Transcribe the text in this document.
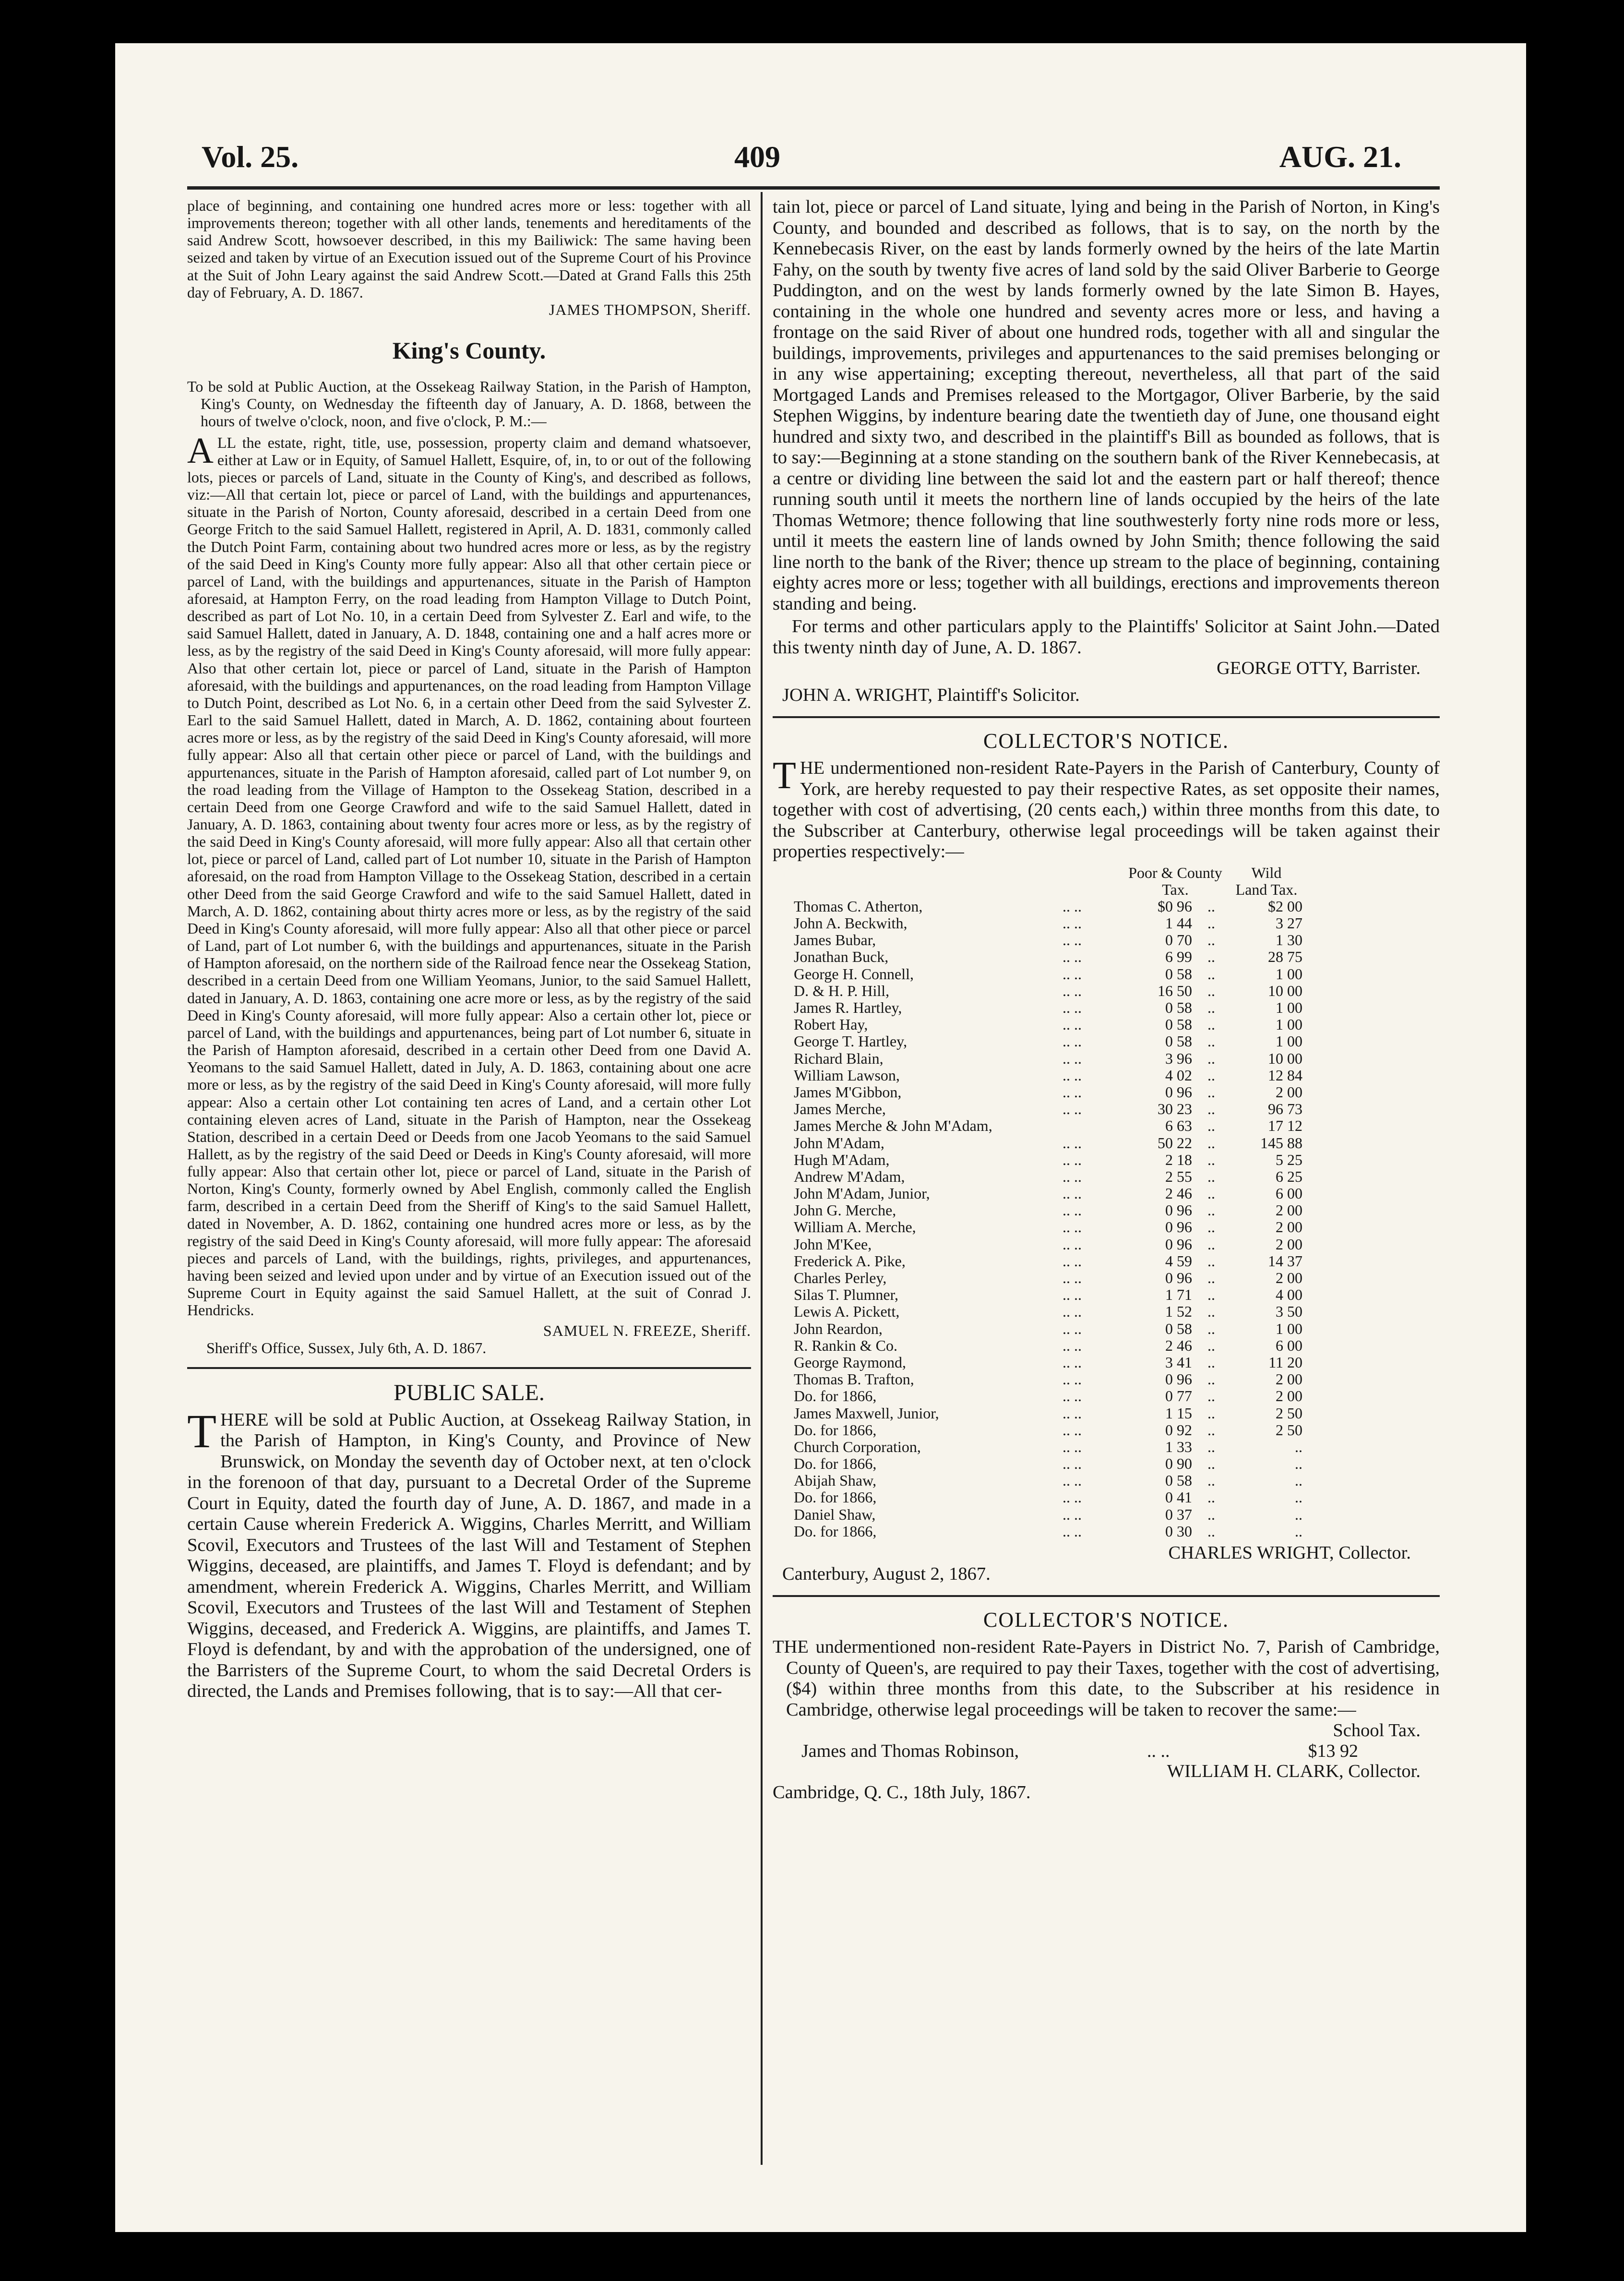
Vol. 25.	409	AUG. 21.

place of beginning, and containing one hundred acres more or less: together with all improvements thereon; together with all other lands, tenements and hereditaments of the said Andrew Scott, howsoever described, in this my Bailiwick: The same having been seized and taken by virtue of an Execution issued out of the Supreme Court of his Province at the Suit of John Leary against the said Andrew Scott.—Dated at Grand Falls this 25th day of February, A. D. 1867.

JAMES THOMPSON, Sheriff.

King's County.

To be sold at Public Auction, at the Ossekeag Railway Station, in the Parish of Hampton, King's County, on Wednesday the fifteenth day of January, A. D. 1868, between the hours of twelve o'clock, noon, and five o'clock, P. M.:—

ALL the estate, right, title, use, possession, property claim and demand whatsoever, either at Law or in Equity, of Samuel Hallett, Esquire, of, in, to or out of the following lots, pieces or parcels of Land, situate in the County of King's, and described as follows, viz:—All that certain lot, piece or parcel of Land, with the buildings and appurtenances, situate in the Parish of Norton, County aforesaid, described in a certain Deed from one George Fritch to the said Samuel Hallett, registered in April, A. D. 1831, commonly called the Dutch Point Farm, containing about two hundred acres more or less, as by the registry of the said Deed in King's County more fully appear: Also all that other certain piece or parcel of Land, with the buildings and appurtenances, situate in the Parish of Hampton aforesaid, at Hampton Ferry, on the road leading from Hampton Village to Dutch Point, described as part of Lot No. 10, in a certain Deed from Sylvester Z. Earl and wife, to the said Samuel Hallett, dated in January, A. D. 1848, containing one and a half acres more or less, as by the registry of the said Deed in King's County aforesaid, will more fully appear: Also that other certain lot, piece or parcel of Land, situate in the Parish of Hampton aforesaid, with the buildings and appurtenances, on the road leading from Hampton Village to Dutch Point, described as Lot No. 6, in a certain other Deed from the said Sylvester Z. Earl to the said Samuel Hallett, dated in March, A. D. 1862, containing about fourteen acres more or less, as by the registry of the said Deed in King's County aforesaid, will more fully appear: Also all that certain other piece or parcel of Land, with the buildings and appurtenances, situate in the Parish of Hampton aforesaid, called part of Lot number 9, on the road leading from the Village of Hampton to the Ossekeag Station, described in a certain Deed from one George Crawford and wife to the said Samuel Hallett, dated in January, A. D. 1863, containing about twenty four acres more or less, as by the registry of the said Deed in King's County aforesaid, will more fully appear: Also all that certain other lot, piece or parcel of Land, called part of Lot number 10, situate in the Parish of Hampton aforesaid, on the road from Hampton Village to the Ossekeag Station, described in a certain other Deed from the said George Crawford and wife to the said Samuel Hallett, dated in March, A. D. 1862, containing about thirty acres more or less, as by the registry of the said Deed in King's County aforesaid, will more fully appear: Also all that other piece or parcel of Land, part of Lot number 6, with the buildings and appurtenances, situate in the Parish of Hampton aforesaid, on the northern side of the Railroad fence near the Ossekeag Station, described in a certain Deed from one William Yeomans, Junior, to the said Samuel Hallett, dated in January, A. D. 1863, containing one acre more or less, as by the registry of the said Deed in King's County aforesaid, will more fully appear: Also a certain other lot, piece or parcel of Land, with the buildings and appurtenances, being part of Lot number 6, situate in the Parish of Hampton aforesaid, described in a certain other Deed from one David A. Yeomans to the said Samuel Hallett, dated in July, A. D. 1863, containing about one acre more or less, as by the registry of the said Deed in King's County aforesaid, will more fully appear: Also a certain other Lot containing ten acres of Land, and a certain other Lot containing eleven acres of Land, situate in the Parish of Hampton, near the Ossekeag Station, described in a certain Deed or Deeds from one Jacob Yeomans to the said Samuel Hallett, as by the registry of the said Deed or Deeds in King's County aforesaid, will more fully appear: Also that certain other lot, piece or parcel of Land, situate in the Parish of Norton, King's County, formerly owned by Abel English, commonly called the English farm, described in a certain Deed from the Sheriff of King's to the said Samuel Hallett, dated in November, A. D. 1862, containing one hundred acres more or less, as by the registry of the said Deed in King's County aforesaid, will more fully appear: The aforesaid pieces and parcels of Land, with the buildings, rights, privileges, and appurtenances, having been seized and levied upon under and by virtue of an Execution issued out of the Supreme Court in Equity against the said Samuel Hallett, at the suit of Conrad J. Hendricks.

SAMUEL N. FREEZE, Sheriff.

Sheriff's Office, Sussex, July 6th, A. D. 1867.

PUBLIC SALE.

THERE will be sold at Public Auction, at Ossekeag Railway Station, in the Parish of Hampton, in King's County, and Province of New Brunswick, on Monday the seventh day of October next, at ten o'clock in the forenoon of that day, pursuant to a Decretal Order of the Supreme Court in Equity, dated the fourth day of June, A. D. 1867, and made in a certain Cause wherein Frederick A. Wiggins, Charles Merritt, and William Scovil, Executors and Trustees of the last Will and Testament of Stephen Wiggins, deceased, are plaintiffs, and James T. Floyd is defendant; and by amendment, wherein Frederick A. Wiggins, Charles Merritt, and William Scovil, Executors and Trustees of the last Will and Testament of Stephen Wiggins, deceased, and Frederick A. Wiggins, are plaintiffs, and James T. Floyd is defendant, by and with the approbation of the undersigned, one of the Barristers of the Supreme Court, to whom the said Decretal Orders is directed, the Lands and Premises following, that is to say:—All that cer-

tain lot, piece or parcel of Land situate, lying and being in the Parish of Norton, in King's County, and bounded and described as follows, that is to say, on the north by the Kennebecasis River, on the east by lands formerly owned by the heirs of the late Martin Fahy, on the south by twenty five acres of land sold by the said Oliver Barberie to George Puddington, and on the west by lands formerly owned by the late Simon B. Hayes, containing in the whole one hundred and seventy acres more or less, and having a frontage on the said River of about one hundred rods, together with all and singular the buildings, improvements, privileges and appurtenances to the said premises belonging or in any wise appertaining; excepting thereout, nevertheless, all that part of the said Mortgaged Lands and Premises released to the Mortgagor, Oliver Barberie, by the said Stephen Wiggins, by indenture bearing date the twentieth day of June, one thousand eight hundred and sixty two, and described in the plaintiff's Bill as bounded as follows, that is to say:—Beginning at a stone standing on the southern bank of the River Kennebecasis, at a centre or dividing line between the said lot and the eastern part or half thereof; thence running south until it meets the northern line of lands occupied by the heirs of the late Thomas Wetmore; thence following that line southwesterly forty nine rods more or less, until it meets the eastern line of lands owned by John Smith; thence following the said line north to the bank of the River; thence up stream to the place of beginning, containing eighty acres more or less; together with all buildings, erections and improvements thereon standing and being.

For terms and other particulars apply to the Plaintiffs' Solicitor at Saint John.—Dated this twenty ninth day of June, A. D. 1867.

GEORGE OTTY, Barrister.

JOHN A. WRIGHT, Plaintiff's Solicitor.

COLLECTOR'S NOTICE.

THE undermentioned non-resident Rate-Payers in the Parish of Canterbury, County of York, are hereby requested to pay their respective Rates, as set opposite their names, together with cost of advertising, (20 cents each,) within three months from this date, to the Subscriber at Canterbury, otherwise legal proceedings will be taken against their properties respectively:—

		Poor & County		Wild
		Tax.		Land Tax.
Thomas C. Atherton,	.. ..	$0 96	..	$2 00
John A. Beckwith,	.. ..	1 44	..	3 27
James Bubar,	.. ..	0 70	..	1 30
Jonathan Buck,	.. ..	6 99	..	28 75
George H. Connell,	.. ..	0 58	..	1 00
D. & H. P. Hill,	.. ..	16 50	..	10 00
James R. Hartley,	.. ..	0 58	..	1 00
Robert Hay,	.. ..	0 58	..	1 00
George T. Hartley,	.. ..	0 58	..	1 00
Richard Blain,	.. ..	3 96	..	10 00
William Lawson,	.. ..	4 02	..	12 84
James M'Gibbon,	.. ..	0 96	..	2 00
James Merche,	.. ..	30 23	..	96 73
James Merche & John M'Adam,		6 63	..	17 12
John M'Adam,	.. ..	50 22	..	145 88
Hugh M'Adam,	.. ..	2 18	..	5 25
Andrew M'Adam,	.. ..	2 55	..	6 25
John M'Adam, Junior,	.. ..	2 46	..	6 00
John G. Merche,	.. ..	0 96	..	2 00
William A. Merche,	.. ..	0 96	..	2 00
John M'Kee,	.. ..	0 96	..	2 00
Frederick A. Pike,	.. ..	4 59	..	14 37
Charles Perley,	.. ..	0 96	..	2 00
Silas T. Plumner,	.. ..	1 71	..	4 00
Lewis A. Pickett,	.. ..	1 52	..	3 50
John Reardon,	.. ..	0 58	..	1 00
R. Rankin & Co.	.. ..	2 46	..	6 00
George Raymond,	.. ..	3 41	..	11 20
Thomas B. Trafton,	.. ..	0 96	..	2 00
Do. for 1866,	.. ..	0 77	..	2 00
James Maxwell, Junior,	.. ..	1 15	..	2 50
Do. for 1866,	.. ..	0 92	..	2 50
Church Corporation,	.. ..	1 33	..	..
Do. for 1866,	.. ..	0 90	..	..
Abijah Shaw,	.. ..	0 58	..	..
Do. for 1866,	.. ..	0 41	..	..
Daniel Shaw,	.. ..	0 37	..	..
Do. for 1866,	.. ..	0 30	..	..

CHARLES WRIGHT, Collector.

Canterbury, August 2, 1867.

COLLECTOR'S NOTICE.

THE undermentioned non-resident Rate-Payers in District No. 7, Parish of Cambridge, County of Queen's, are required to pay their Taxes, together with the cost of advertising, ($4) within three months from this date, to the Subscriber at his residence in Cambridge, otherwise legal proceedings will be taken to recover the same:—

School Tax.

James and Thomas Robinson,	.. ..	$13 92

WILLIAM H. CLARK, Collector.

Cambridge, Q. C., 18th July, 1867.
